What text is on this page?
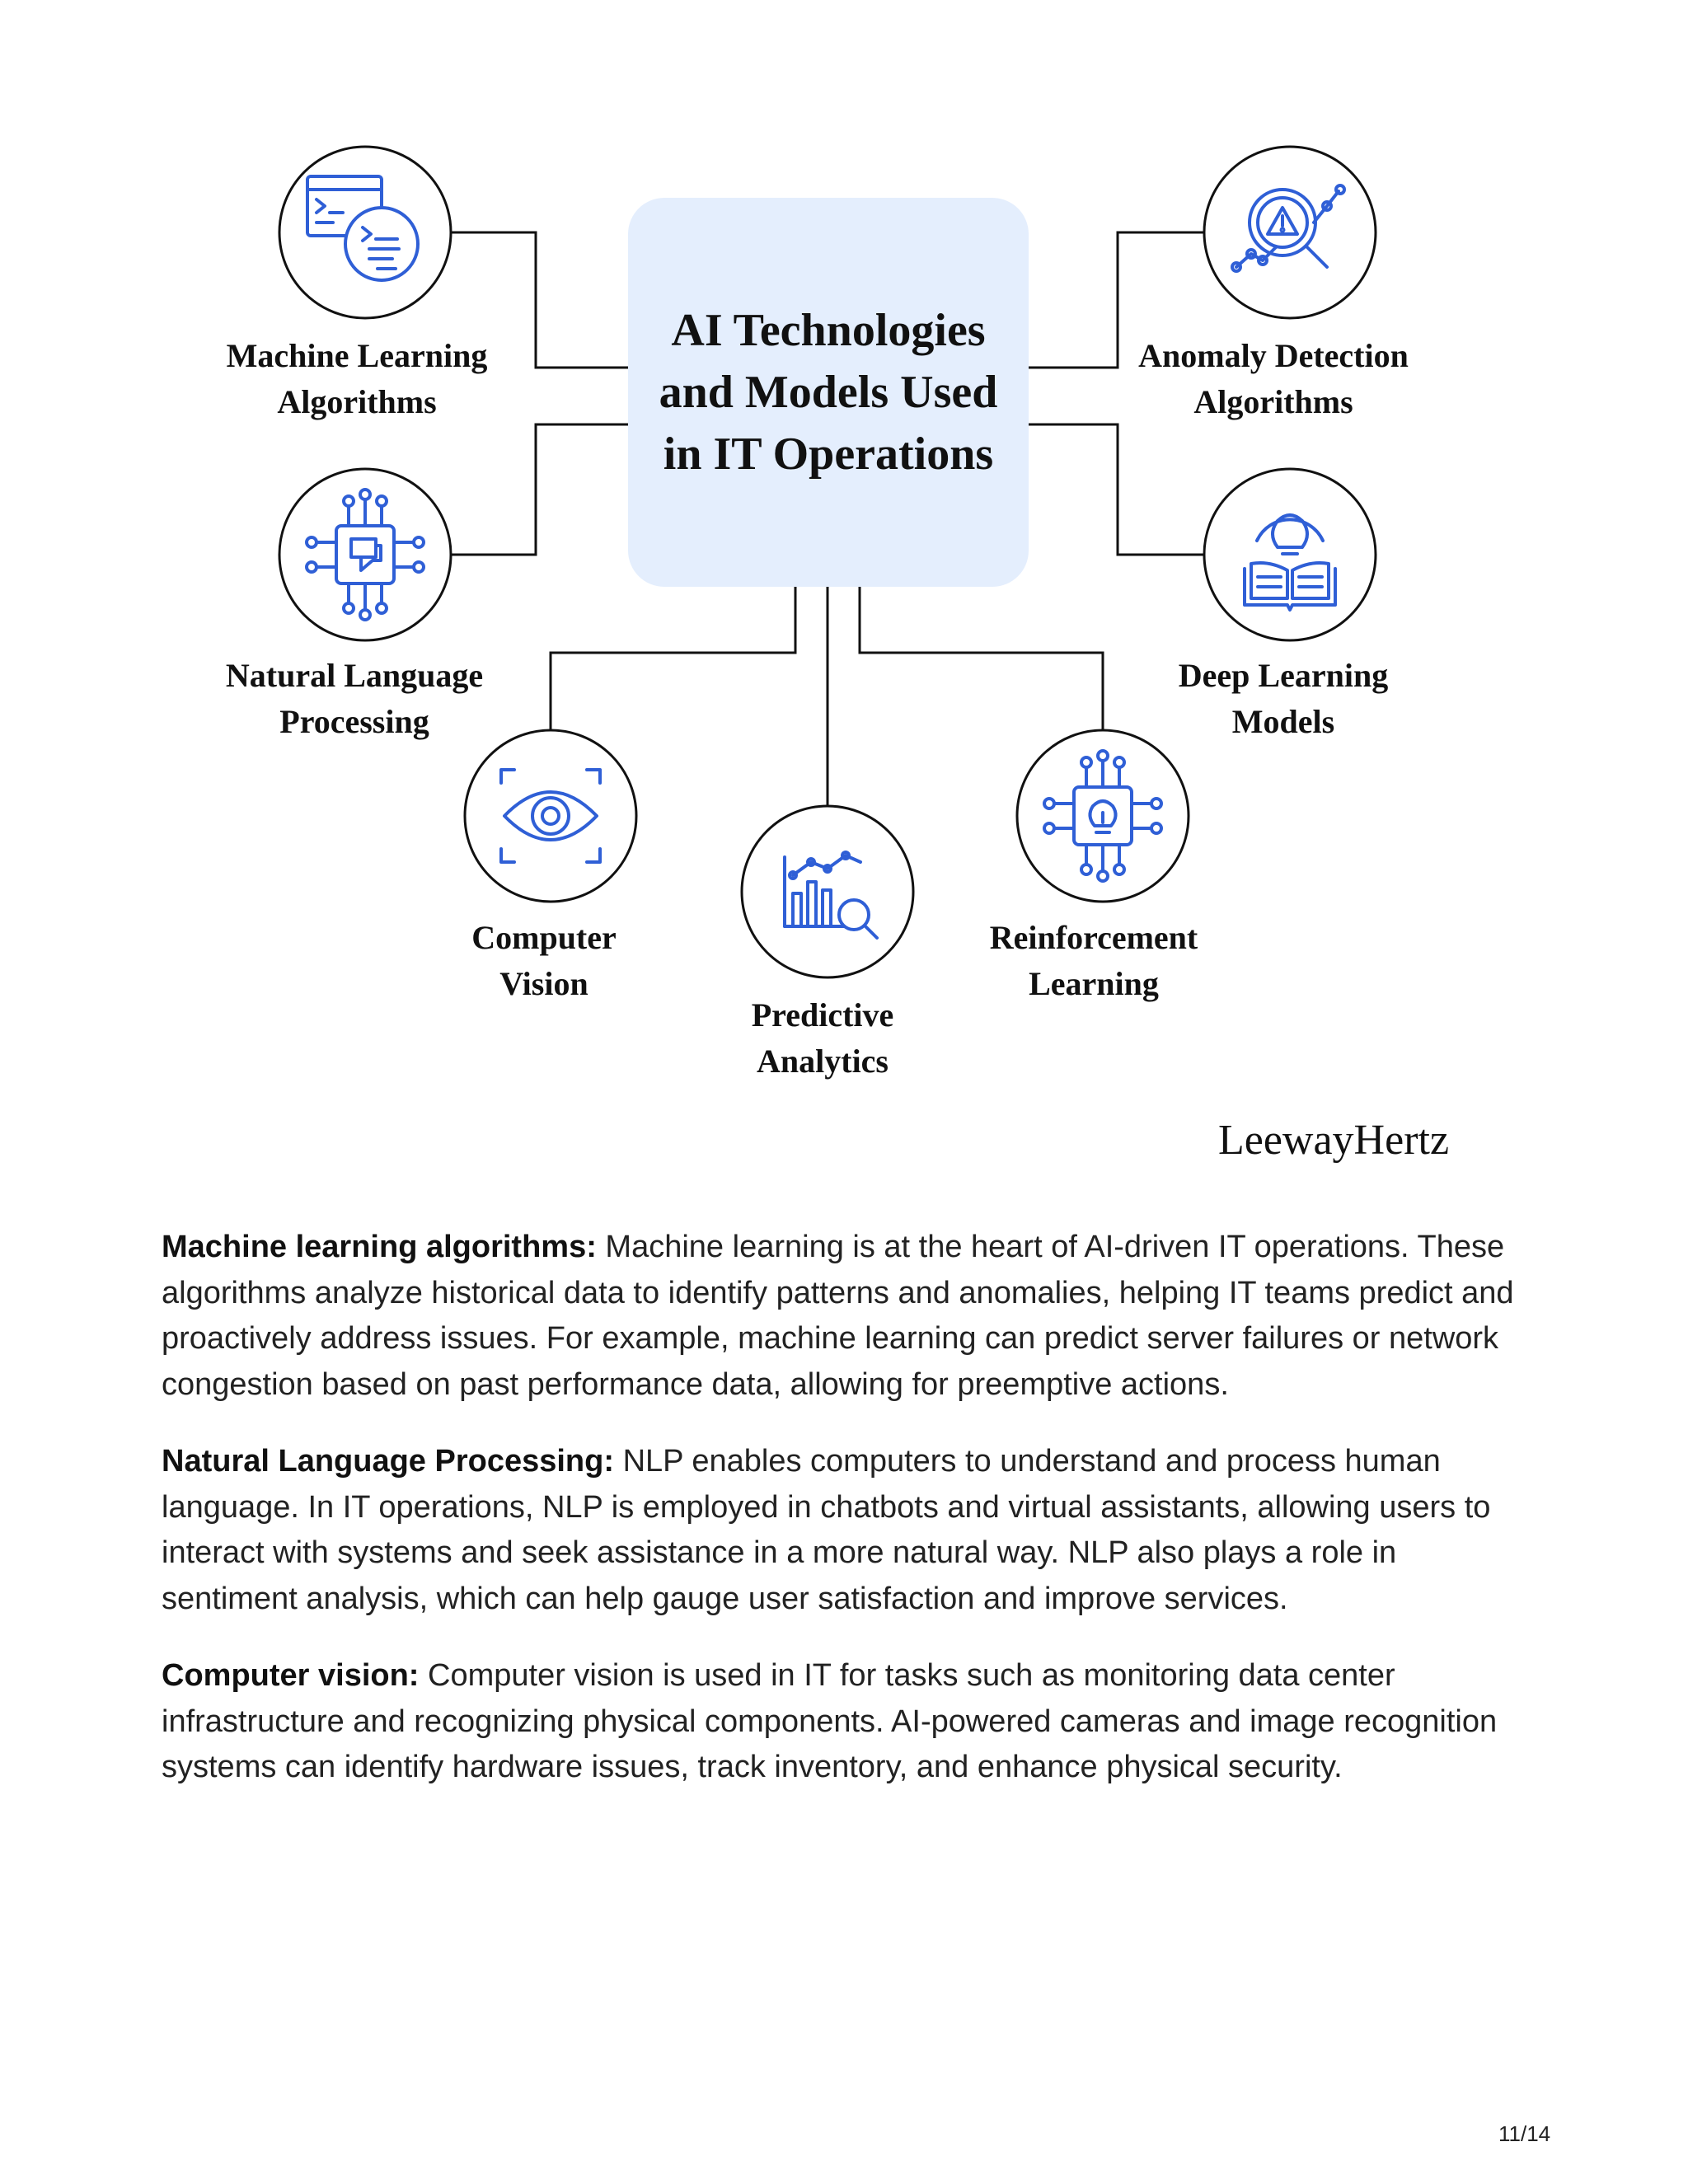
AI Technologies
and Models Used
in IT Operations
Machine Learning
Algorithms
Natural Language
Processing
Computer
Vision
Predictive
Analytics
Reinforcement
Learning
Deep Learning
Models
Anomaly Detection
Algorithms
LeewayHertz

Machine learning algorithms: Machine learning is at the heart of AI-driven IT operations. These algorithms analyze historical data to identify patterns and anomalies, helping IT teams predict and proactively address issues. For example, machine learning can predict server failures or network congestion based on past performance data, allowing for preemptive actions.

Natural Language Processing: NLP enables computers to understand and process human language. In IT operations, NLP is employed in chatbots and virtual assistants, allowing users to interact with systems and seek assistance in a more natural way. NLP also plays a role in sentiment analysis, which can help gauge user satisfaction and improve services.

Computer vision: Computer vision is used in IT for tasks such as monitoring data center infrastructure and recognizing physical components. AI-powered cameras and image recognition systems can identify hardware issues, track inventory, and enhance physical security.

11/14
